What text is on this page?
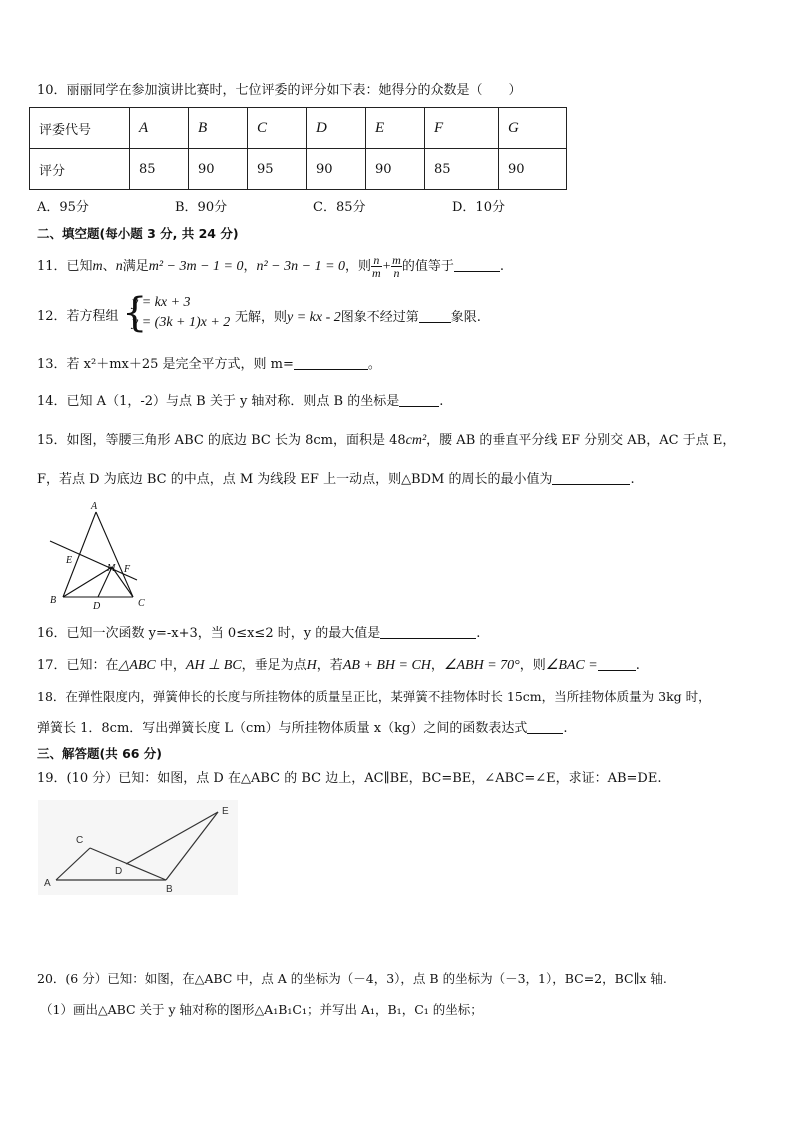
10．丽丽同学在参加演讲比赛时，七位评委的评分如下表：她得分的众数是（　　）
评委代号	A	B	C	D	E	F	G
评分	85	90	95	90	90	85	90
A．95分	B．90分	C．85分	D．10分
二、填空题(每小题 3 分, 共 24 分)
11．已知m、n满足m² − 3m − 1 = 0，n² − 3n − 1 = 0，则 $\frac{n}{m} + \frac{m}{n}$ 的值等于	.
12．若方程组 {
y = kx + 3
y = (3k + 1)x + 2 无解，则y = kx - 2图象不经过第 象限.
13．若 x²＋mx＋25 是完全平方式，则 m=	。
14．已知 A（1，-2）与点 B 关于 y 轴对称．则点 B 的坐标是	.
15．如图，等腰三角形 ABC 的底边 BC 长为 8cm，面积是 48cm²，腰 AB 的垂直平分线 EF 分别交 AB，AC 于点 E，
F，若点 D 为底边 BC 的中点，点 M 为线段 EF 上一动点，则△BDM 的周长的最小值为	.
A
B	C
D
E
F
M
16．已知一次函数 y=-x+3，当 0≤x≤2 时，y 的最大值是	.
17．已知：在△ABC 中，AH ⊥ BC，垂足为点H，若AB + BH = CH，∠ABH = 70°，则∠BAC =	.
18．在弹性限度内，弹簧伸长的长度与所挂物体的质量呈正比，某弹簧不挂物体时长 15cm，当所挂物体质量为 3kg 时，
弹簧长 1．8cm．写出弹簧长度 L（cm）与所挂物体质量 x（kg）之间的函数表达式	.
三、解答题(共 66 分)
19．(10 分）已知：如图，点 D 在△ABC 的 BC 边上，AC∥BE，BC=BE，∠ABC=∠E，求证：AB=DE.
A
B
C
D
E
20．(6 分）已知：如图，在△ABC 中，点 A 的坐标为（－4，3），点 B 的坐标为（－3，1），BC=2，BC∥x 轴.
（1）画出△ABC 关于 y 轴对称的图形△A₁B₁C₁；并写出 A₁，B₁，C₁ 的坐标；
